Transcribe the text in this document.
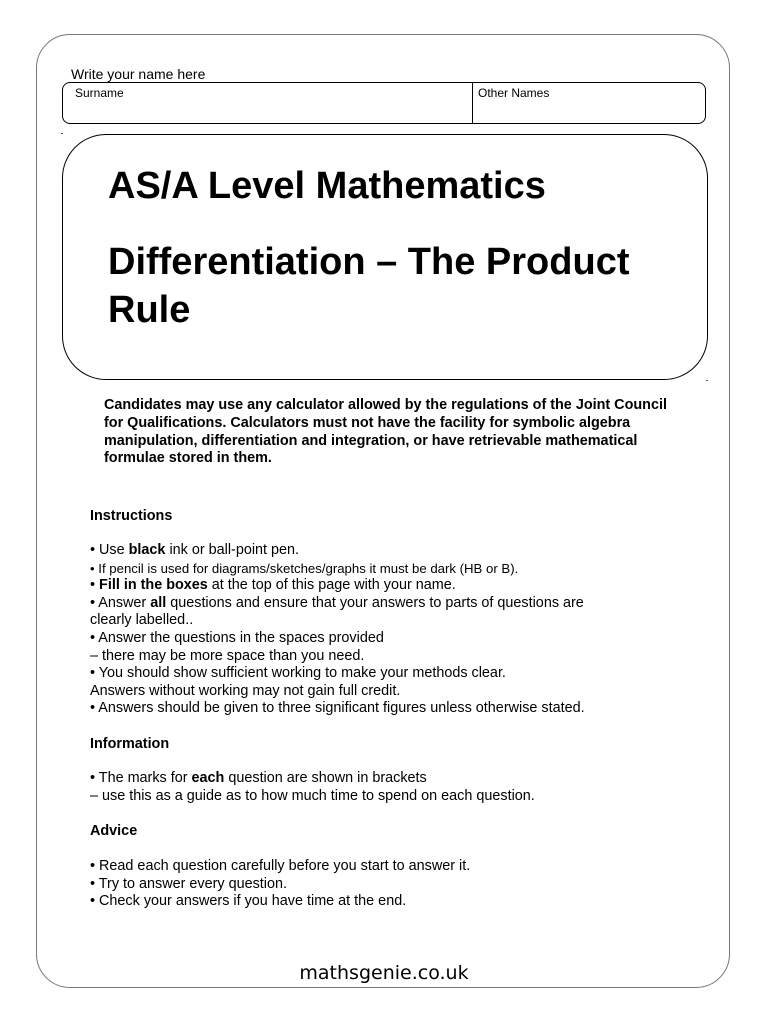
Write your name here
Surname	Other Names
AS/A Level Mathematics
Differentiation – The Product Rule
Candidates may use any calculator allowed by the regulations of the Joint Council for Qualifications. Calculators must not have the facility for symbolic algebra manipulation, differentiation and integration, or have retrievable mathematical formulae stored in them.
Instructions
• Use black ink or ball-point pen.
• If pencil is used for diagrams/sketches/graphs it must be dark (HB or B).
• Fill in the boxes at the top of this page with your name.
• Answer all questions and ensure that your answers to parts of questions are
clearly labelled..
• Answer the questions in the spaces provided
– there may be more space than you need.
• You should show sufficient working to make your methods clear.
Answers without working may not gain full credit.
• Answers should be given to three significant figures unless otherwise stated.
Information
• The marks for each question are shown in brackets
– use this as a guide as to how much time to spend on each question.
Advice
• Read each question carefully before you start to answer it.
• Try to answer every question.
• Check your answers if you have time at the end.
mathsgenie.co.uk
